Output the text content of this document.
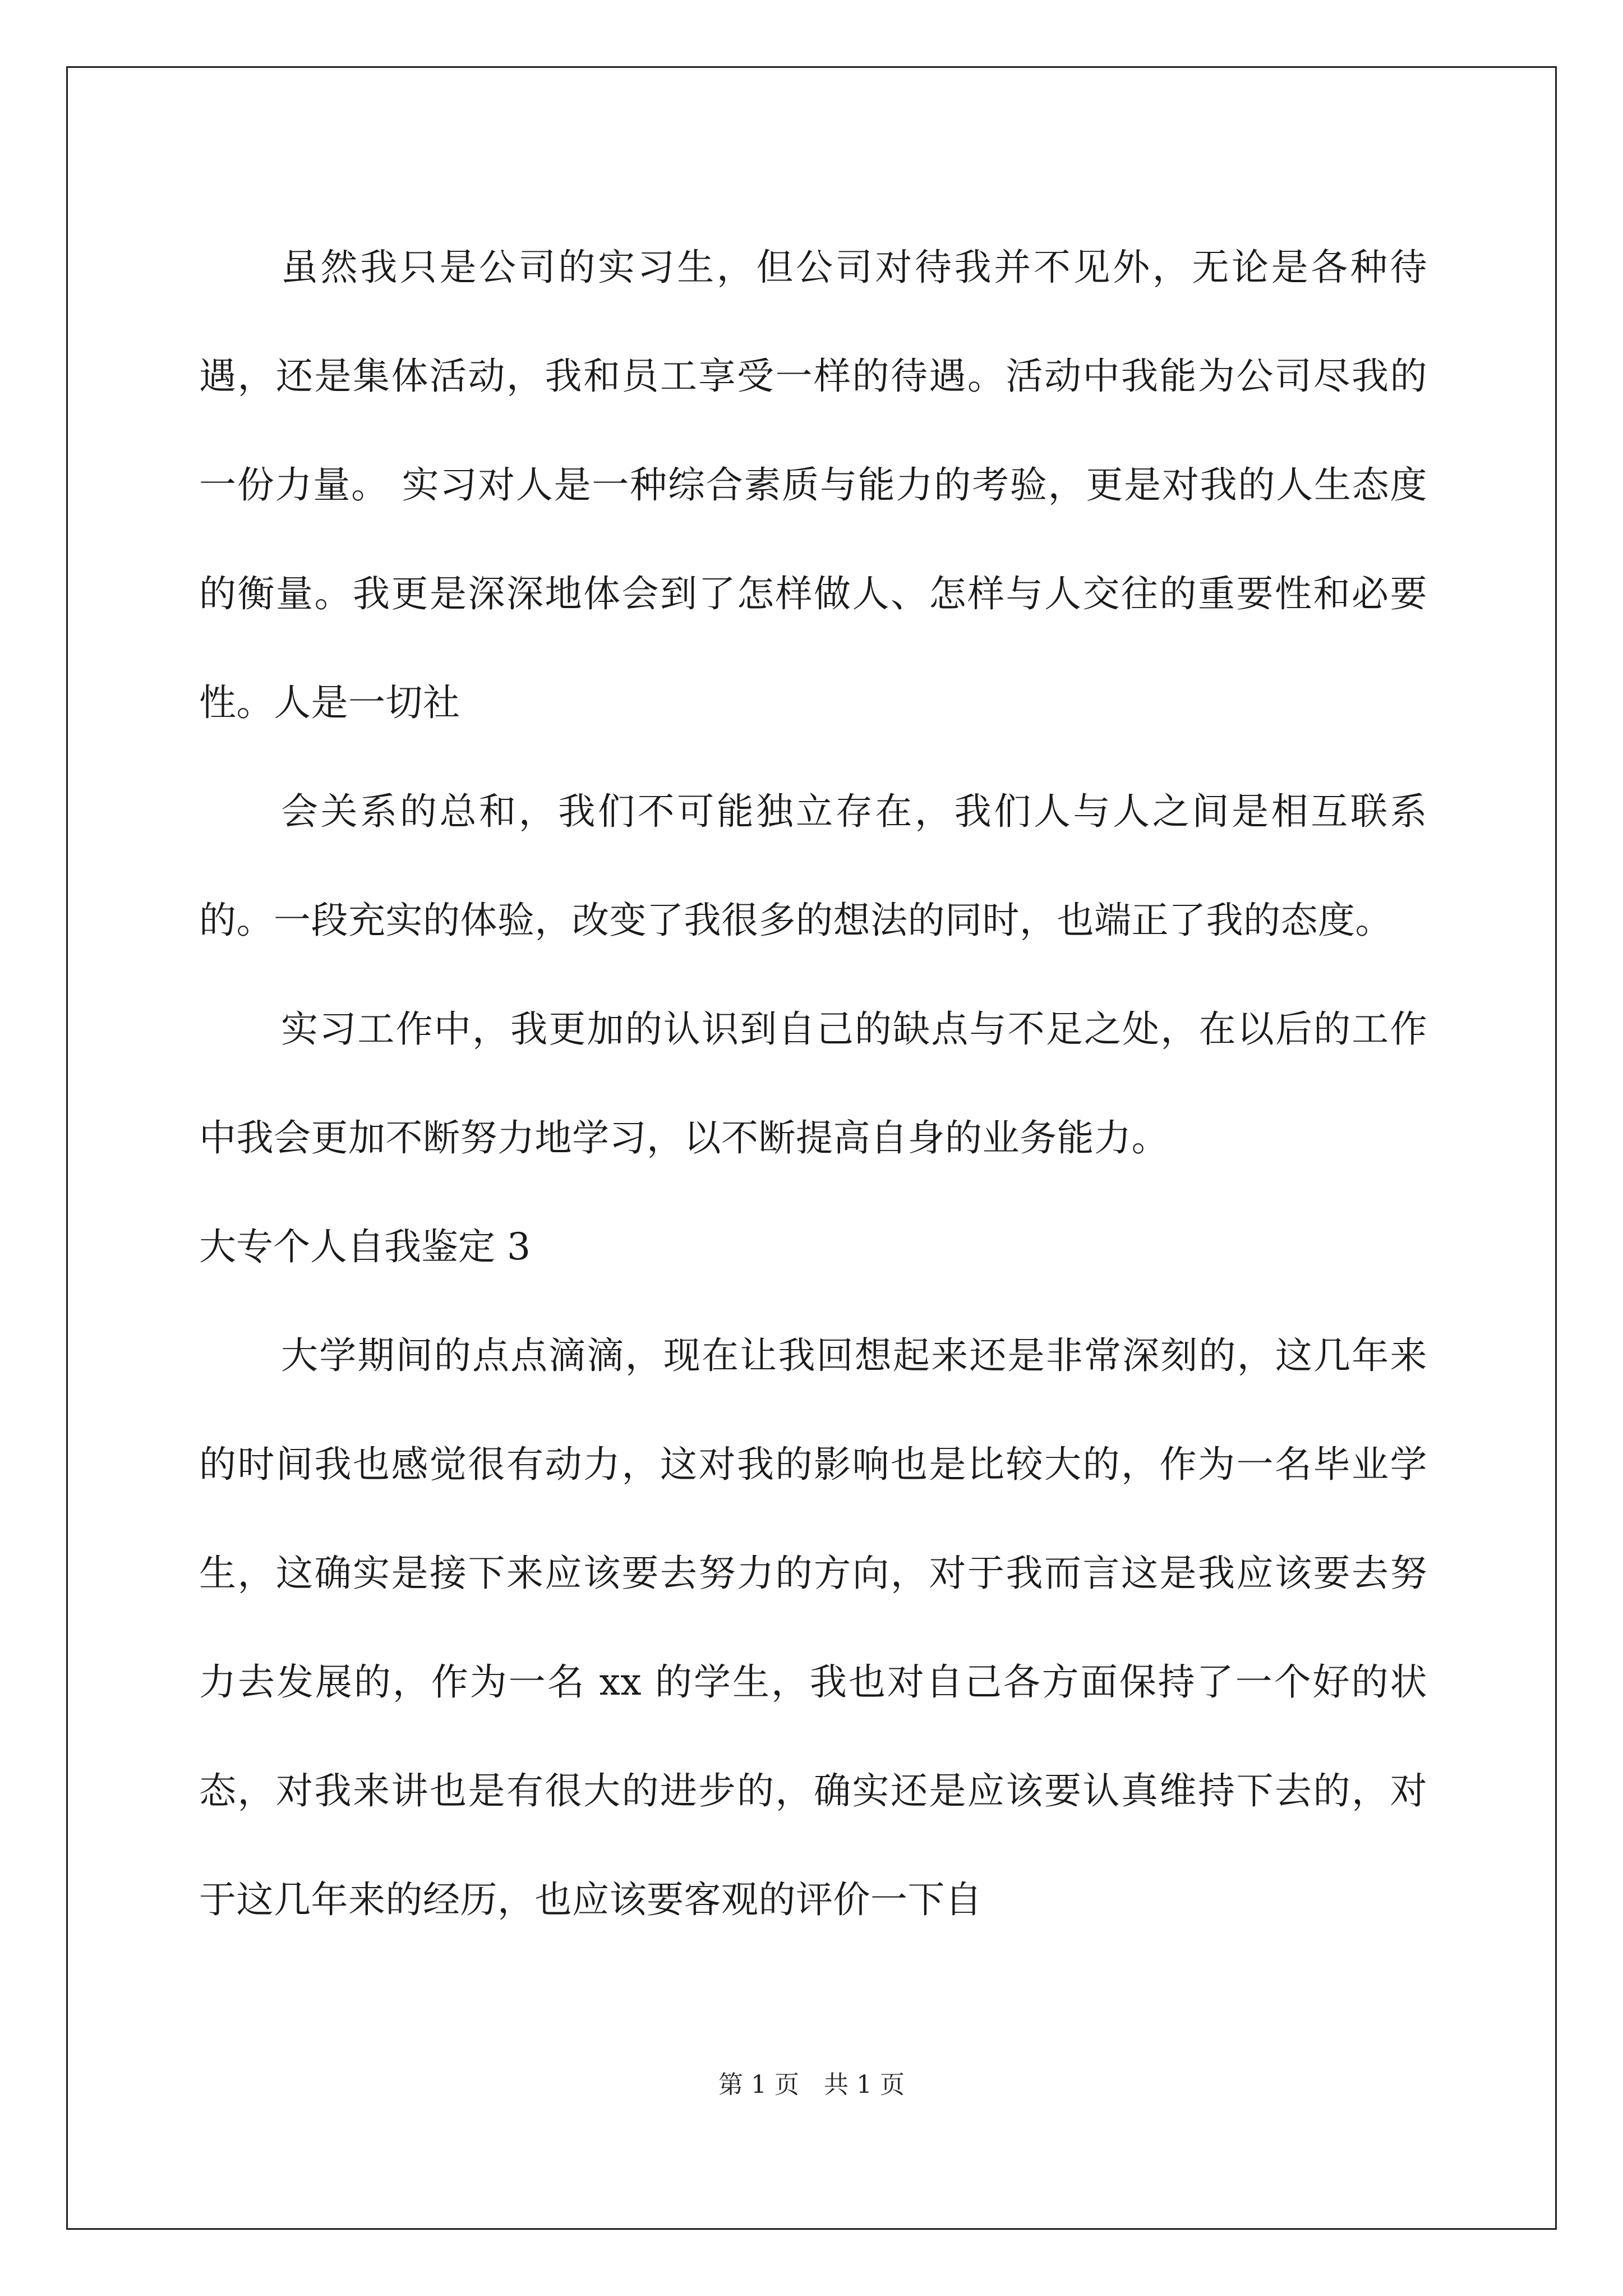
虽然我只是公司的实习生，但公司对待我并不见外，无论是各种待遇，还是集体活动，我和员工享受一样的待遇。活动中我能为公司尽我的一份力量。 实习对人是一种综合素质与能力的考验，更是对我的人生态度的衡量。我更是深深地体会到了怎样做人、怎样与人交往的重要性和必要性。人是一切社

会关系的总和，我们不可能独立存在，我们人与人之间是相互联系的。一段充实的体验，改变了我很多的想法的同时，也端正了我的态度。

实习工作中，我更加的认识到自己的缺点与不足之处，在以后的工作中我会更加不断努力地学习，以不断提高自身的业务能力。

大专个人自我鉴定 3

大学期间的点点滴滴，现在让我回想起来还是非常深刻的，这几年来的时间我也感觉很有动力，这对我的影响也是比较大的，作为一名毕业学生，这确实是接下来应该要去努力的方向，对于我而言这是我应该要去努力去发展的，作为一名 xx 的学生，我也对自己各方面保持了一个好的状态，对我来讲也是有很大的进步的，确实还是应该要认真维持下去的，对于这几年来的经历，也应该要客观的评价一下自

第 1 页　共 1 页
